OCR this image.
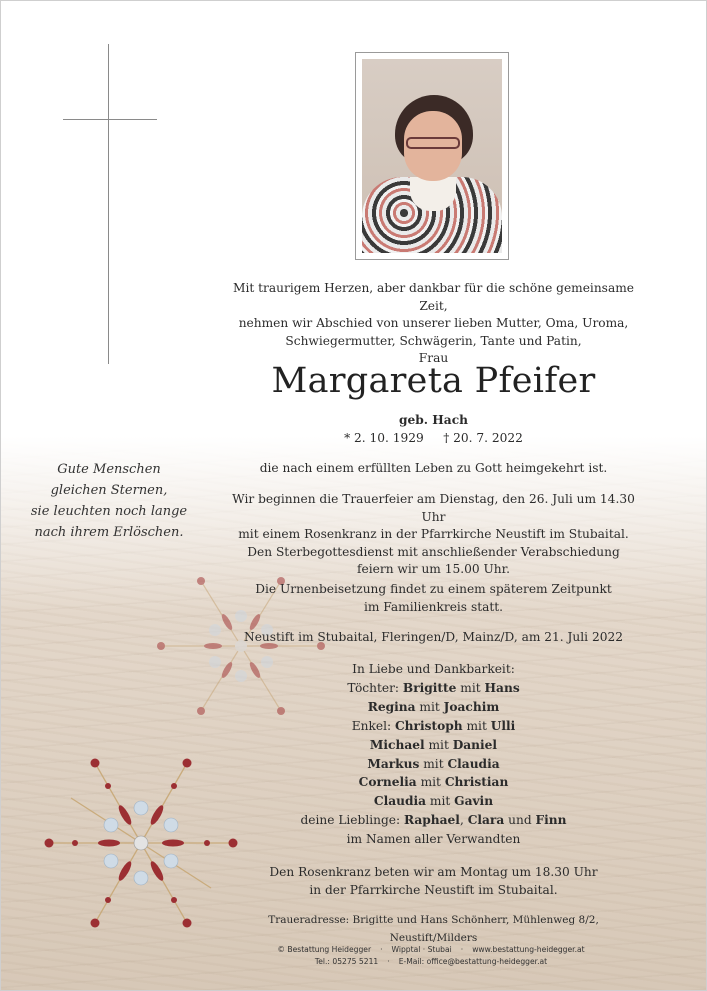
Mit traurigem Herzen, aber dankbar für die schöne gemeinsame Zeit,
nehmen wir Abschied von unserer lieben Mutter, Oma, Uroma,
Schwiegermutter, Schwägerin, Tante und Patin,
Frau
Margareta Pfeifer
geb. Hach
* 2. 10. 1929 † 20. 7. 2022
die nach einem erfüllten Leben zu Gott heimgekehrt ist.
Wir beginnen die Trauerfeier am Dienstag, den 26. Juli um 14.30 Uhr
mit einem Rosenkranz in der Pfarrkirche Neustift im Stubaital.
Den Sterbegottesdienst mit anschließender Verabschiedung
feiern wir um 15.00 Uhr.
Die Urnenbeisetzung findet zu einem späterem Zeitpunkt
im Familienkreis statt.
Neustift im Stubaital, Fleringen/D, Mainz/D, am 21. Juli 2022
Gute Menschen
gleichen Sternen,
sie leuchten noch lange
nach ihrem Erlöschen.
In Liebe und Dankbarkeit:
Töchter: Brigitte mit Hans
Regina mit Joachim
Enkel: Christoph mit Ulli
Michael mit Daniel
Markus mit Claudia
Cornelia mit Christian
Claudia mit Gavin
deine Lieblinge: Raphael, Clara und Finn
im Namen aller Verwandten
Den Rosenkranz beten wir am Montag um 18.30 Uhr
in der Pfarrkirche Neustift im Stubaital.
Traueradresse: Brigitte und Hans Schönherr, Mühlenweg 8/2, Neustift/Milders
© Bestattung Heidegger · Wipptal · Stubai · www.bestattung-heidegger.at
Tel.: 05275 5211 · E-Mail: office@bestattung-heidegger.at
